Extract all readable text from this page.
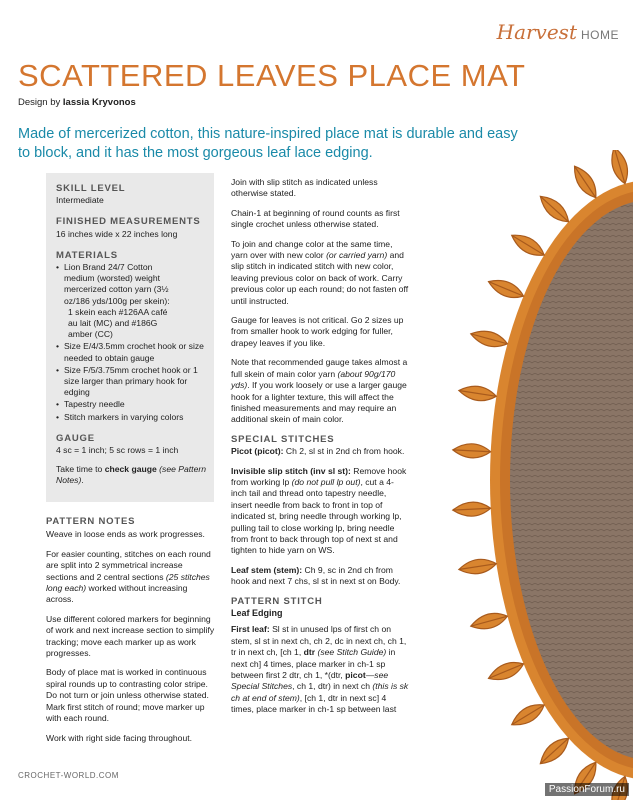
Harvest HOME
SCATTERED LEAVES PLACE MAT
Design by Iassia Kryvonos

Made of mercerized cotton, this nature-inspired place mat is durable and easy to block, and it has the most gorgeous leaf lace edging.

SKILL LEVEL
Intermediate
FINISHED MEASUREMENTS
16 inches wide x 22 inches long
MATERIALS
• Lion Brand 24/7 Cotton medium (worsted) weight mercerized cotton yarn (3½ oz/186 yds/100g per skein):
1 skein each #126AA café au lait (MC) and #186G amber (CC)
• Size E/4/3.5mm crochet hook or size needed to obtain gauge
• Size F/5/3.75mm crochet hook or 1 size larger than primary hook for edging
• Tapestry needle
• Stitch markers in varying colors
GAUGE
4 sc = 1 inch; 5 sc rows = 1 inch
Take time to check gauge (see Pattern Notes).
PATTERN NOTES

Weave in loose ends as work progresses.

For easier counting, stitches on each round are split into 2 symmetrical increase sections and 2 central sections (25 stitches long each) worked without increasing across.

Use different colored markers for beginning of work and next increase section to simplify tracking; move each marker up as work progresses.

Body of place mat is worked in continuous spiral rounds up to contrasting color stripe. Do not turn or join unless otherwise stated. Mark first stitch of round; move marker up with each round.

Work with right side facing throughout.

Join with slip stitch as indicated unless otherwise stated.

Chain-1 at beginning of round counts as first single crochet unless otherwise stated.

To join and change color at the same time, yarn over with new color (or carried yarn) and slip stitch in indicated stitch with new color, leaving previous color on back of work. Carry previous color up each round; do not fasten off until instructed.

Gauge for leaves is not critical. Go 2 sizes up from smaller hook to work edging for fuller, drapey leaves if you like.

Note that recommended gauge takes almost a full skein of main color yarn (about 90g/170 yds). If you work loosely or use a larger gauge hook for a lighter texture, this will affect the finished measurements and may require an additional skein of main color.

SPECIAL STITCHES

Picot (picot): Ch 2, sl st in 2nd ch from hook.

Invisible slip stitch (inv sl st): Remove hook from working lp (do not pull lp out), cut a 4-inch tail and thread onto tapestry needle, insert needle from back to front in top of indicated st, bring needle through working lp, pulling tail to close working lp, bring needle from front to back through top of next st and tighten to hide yarn on WS.

Leaf stem (stem): Ch 9, sc in 2nd ch from hook and next 7 chs, sl st in next st on Body.

PATTERN STITCH
Leaf Edging

First leaf: Sl st in unused lps of first ch on stem, sl st in next ch, ch 2, dc in next ch, ch 1, tr in next ch, [ch 1, dtr (see Stitch Guide) in next ch] 4 times, place marker in ch-1 sp between first 2 dtr, ch 1, *(dtr, picot—see Special Stitches, ch 1, dtr) in next ch (this is sk ch at end of stem), [ch 1, dtr in next sc] 4 times, place marker in ch-1 sp between last

CROCHET-WORLD.COM
PassionForum.ru
